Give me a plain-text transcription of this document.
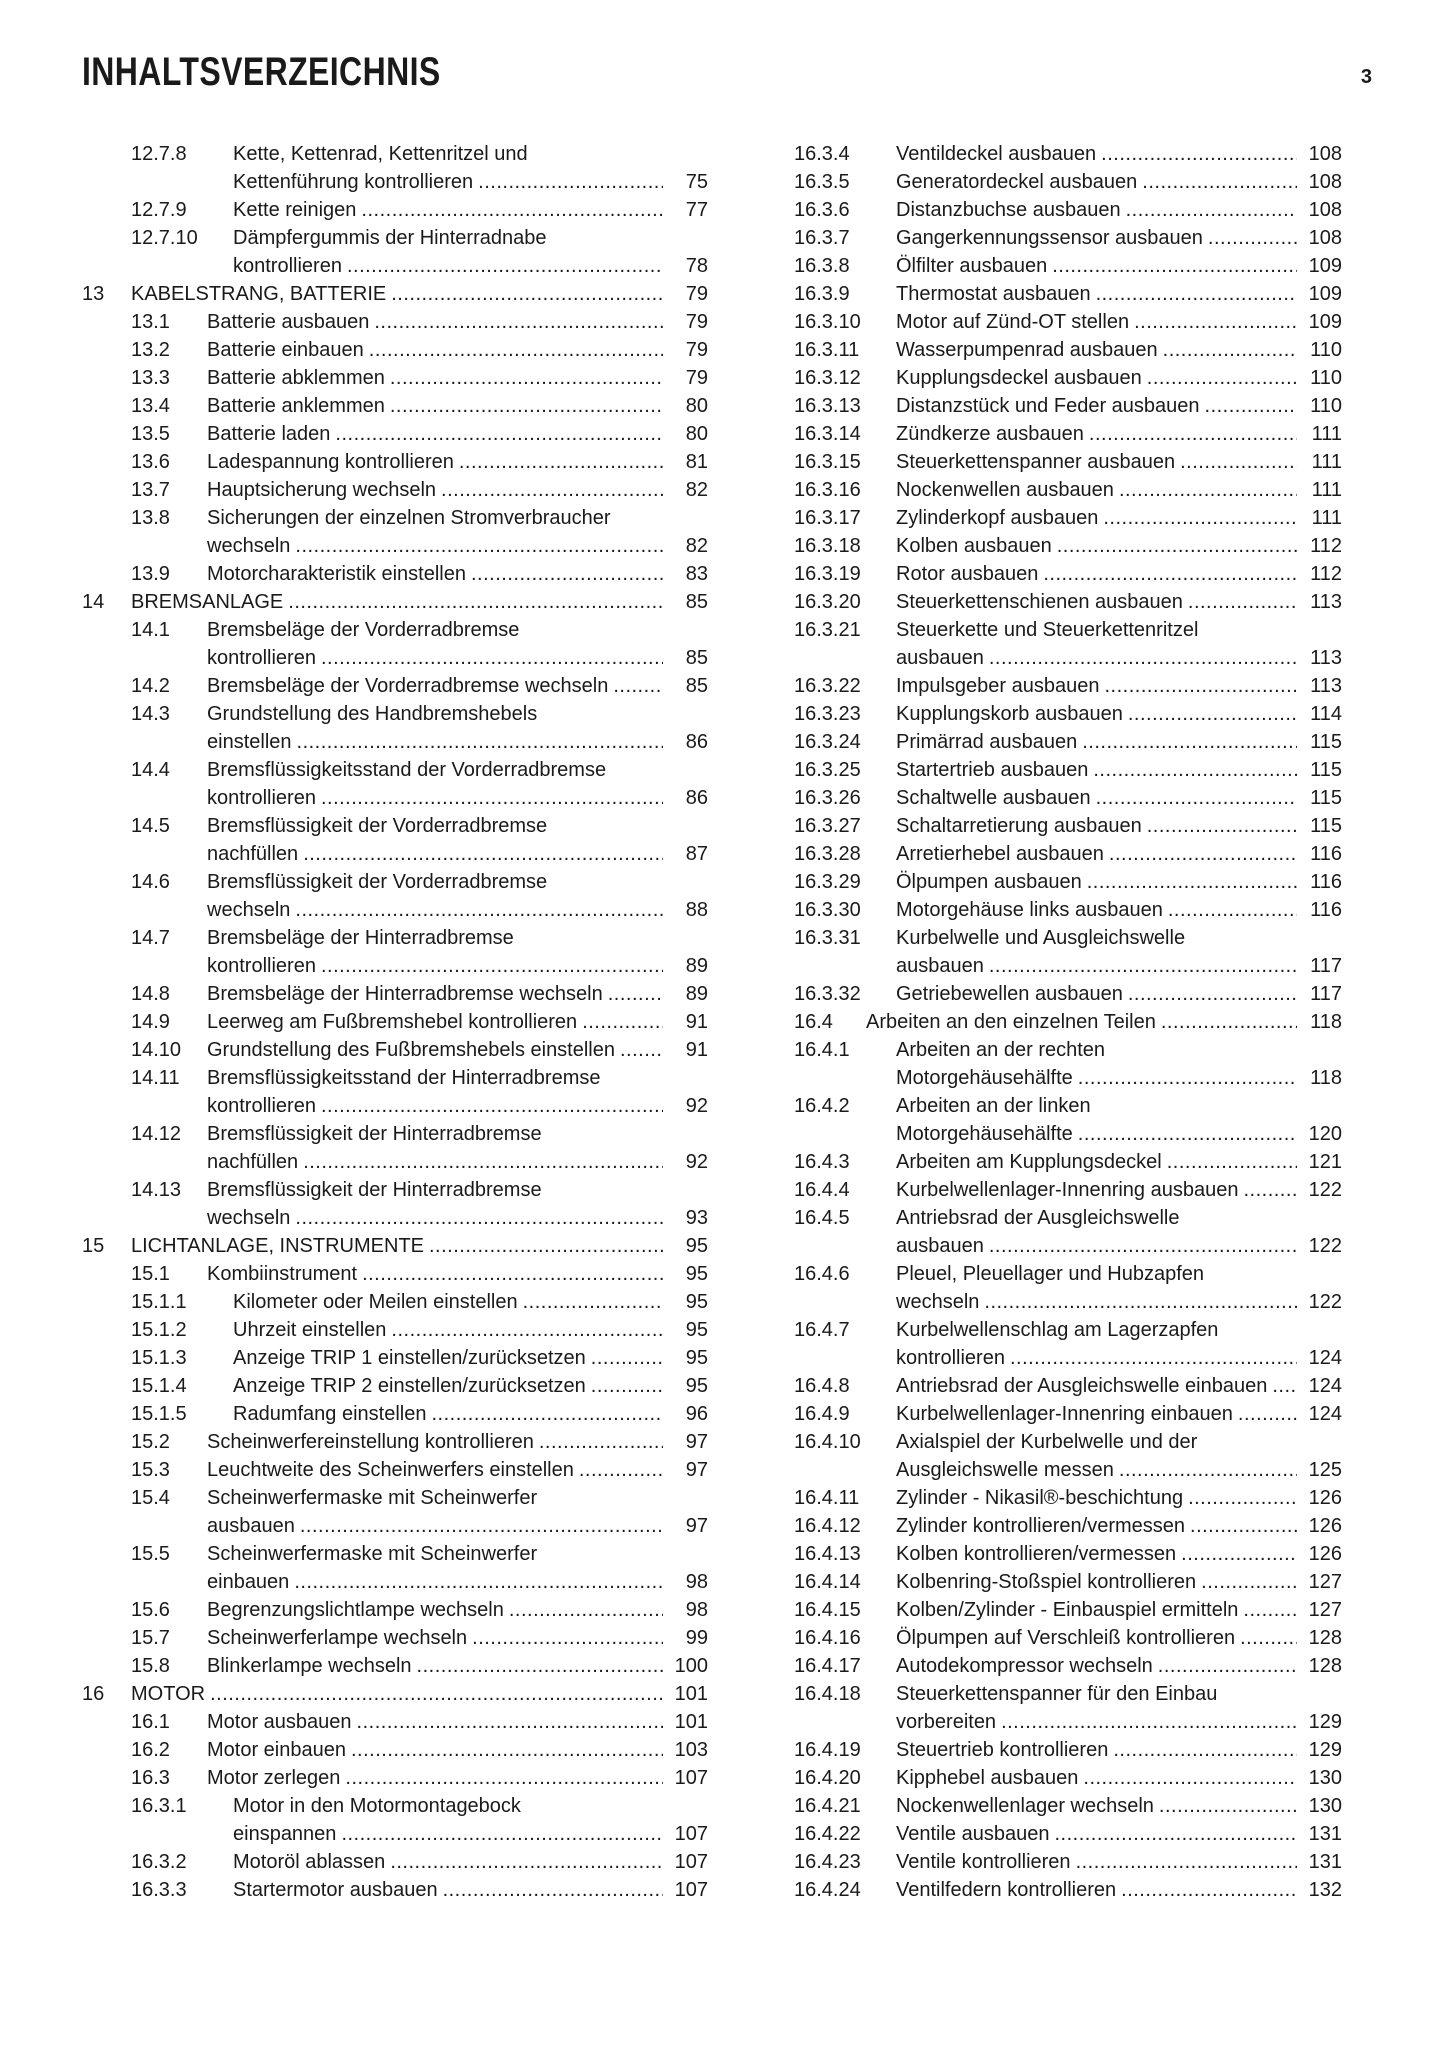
INHALTSVERZEICHNIS	3
12.7.8	Kette, Kettenrad, Kettenritzel und
Kettenführung kontrollieren .....	75
12.7.9	Kette reinigen .....	77
12.7.10	Dämpfergummis der Hinterradnabe
kontrollieren .....	78
13	KABELSTRANG, BATTERIE .....	79
13.1	Batterie ausbauen .....	79
13.2	Batterie einbauen .....	79
13.3	Batterie abklemmen .....	79
13.4	Batterie anklemmen .....	80
13.5	Batterie laden .....	80
13.6	Ladespannung kontrollieren .....	81
13.7	Hauptsicherung wechseln .....	82
13.8	Sicherungen der einzelnen Stromverbraucher
wechseln .....	82
13.9	Motorcharakteristik einstellen .....	83
14	BREMSANLAGE .....	85
14.1	Bremsbeläge der Vorderradbremse
kontrollieren .....	85
14.2	Bremsbeläge der Vorderradbremse wechseln .....	85
14.3	Grundstellung des Handbremshebels
einstellen .....	86
14.4	Bremsflüssigkeitsstand der Vorderradbremse
kontrollieren .....	86
14.5	Bremsflüssigkeit der Vorderradbremse
nachfüllen .....	87
14.6	Bremsflüssigkeit der Vorderradbremse
wechseln .....	88
14.7	Bremsbeläge der Hinterradbremse
kontrollieren .....	89
14.8	Bremsbeläge der Hinterradbremse wechseln .....	89
14.9	Leerweg am Fußbremshebel kontrollieren .....	91
14.10	Grundstellung des Fußbremshebels einstellen .....	91
14.11	Bremsflüssigkeitsstand der Hinterradbremse
kontrollieren .....	92
14.12	Bremsflüssigkeit der Hinterradbremse
nachfüllen .....	92
14.13	Bremsflüssigkeit der Hinterradbremse
wechseln .....	93
15	LICHTANLAGE, INSTRUMENTE .....	95
15.1	Kombiinstrument .....	95
15.1.1	Kilometer oder Meilen einstellen .....	95
15.1.2	Uhrzeit einstellen .....	95
15.1.3	Anzeige TRIP 1 einstellen/zurücksetzen .....	95
15.1.4	Anzeige TRIP 2 einstellen/zurücksetzen .....	95
15.1.5	Radumfang einstellen .....	96
15.2	Scheinwerfereinstellung kontrollieren .....	97
15.3	Leuchtweite des Scheinwerfers einstellen .....	97
15.4	Scheinwerfermaske mit Scheinwerfer
ausbauen .....	97
15.5	Scheinwerfermaske mit Scheinwerfer
einbauen .....	98
15.6	Begrenzungslichtlampe wechseln .....	98
15.7	Scheinwerferlampe wechseln .....	99
15.8	Blinkerlampe wechseln .....	100
16	MOTOR .....	101
16.1	Motor ausbauen .....	101
16.2	Motor einbauen .....	103
16.3	Motor zerlegen .....	107
16.3.1	Motor in den Motormontagebock
einspannen .....	107
16.3.2	Motoröl ablassen .....	107
16.3.3	Startermotor ausbauen .....	107
16.3.4	Ventildeckel ausbauen .....	108
16.3.5	Generatordeckel ausbauen .....	108
16.3.6	Distanzbuchse ausbauen .....	108
16.3.7	Gangerkennungssensor ausbauen .....	108
16.3.8	Ölfilter ausbauen .....	109
16.3.9	Thermostat ausbauen .....	109
16.3.10	Motor auf Zünd-OT stellen .....	109
16.3.11	Wasserpumpenrad ausbauen .....	110
16.3.12	Kupplungsdeckel ausbauen .....	110
16.3.13	Distanzstück und Feder ausbauen .....	110
16.3.14	Zündkerze ausbauen .....	111
16.3.15	Steuerkettenspanner ausbauen .....	111
16.3.16	Nockenwellen ausbauen .....	111
16.3.17	Zylinderkopf ausbauen .....	111
16.3.18	Kolben ausbauen .....	112
16.3.19	Rotor ausbauen .....	112
16.3.20	Steuerkettenschienen ausbauen .....	113
16.3.21	Steuerkette und Steuerkettenritzel
ausbauen .....	113
16.3.22	Impulsgeber ausbauen .....	113
16.3.23	Kupplungskorb ausbauen .....	114
16.3.24	Primärrad ausbauen .....	115
16.3.25	Startertrieb ausbauen .....	115
16.3.26	Schaltwelle ausbauen .....	115
16.3.27	Schaltarretierung ausbauen .....	115
16.3.28	Arretierhebel ausbauen .....	116
16.3.29	Ölpumpen ausbauen .....	116
16.3.30	Motorgehäuse links ausbauen .....	116
16.3.31	Kurbelwelle und Ausgleichswelle
ausbauen .....	117
16.3.32	Getriebewellen ausbauen .....	117
16.4	Arbeiten an den einzelnen Teilen .....	118
16.4.1	Arbeiten an der rechten
Motorgehäusehälfte .....	118
16.4.2	Arbeiten an der linken
Motorgehäusehälfte .....	120
16.4.3	Arbeiten am Kupplungsdeckel .....	121
16.4.4	Kurbelwellenlager-Innenring ausbauen .....	122
16.4.5	Antriebsrad der Ausgleichswelle
ausbauen .....	122
16.4.6	Pleuel, Pleuellager und Hubzapfen
wechseln .....	122
16.4.7	Kurbelwellenschlag am Lagerzapfen
kontrollieren .....	124
16.4.8	Antriebsrad der Ausgleichswelle einbauen .....	124
16.4.9	Kurbelwellenlager-Innenring einbauen .....	124
16.4.10	Axialspiel der Kurbelwelle und der
Ausgleichswelle messen .....	125
16.4.11	Zylinder - Nikasil®-beschichtung .....	126
16.4.12	Zylinder kontrollieren/vermessen .....	126
16.4.13	Kolben kontrollieren/vermessen .....	126
16.4.14	Kolbenring-Stoßspiel kontrollieren .....	127
16.4.15	Kolben/Zylinder - Einbauspiel ermitteln .....	127
16.4.16	Ölpumpen auf Verschleiß kontrollieren .....	128
16.4.17	Autodekompressor wechseln .....	128
16.4.18	Steuerkettenspanner für den Einbau
vorbereiten .....	129
16.4.19	Steuertrieb kontrollieren .....	129
16.4.20	Kipphebel ausbauen .....	130
16.4.21	Nockenwellenlager wechseln .....	130
16.4.22	Ventile ausbauen .....	131
16.4.23	Ventile kontrollieren .....	131
16.4.24	Ventilfedern kontrollieren .....	132
